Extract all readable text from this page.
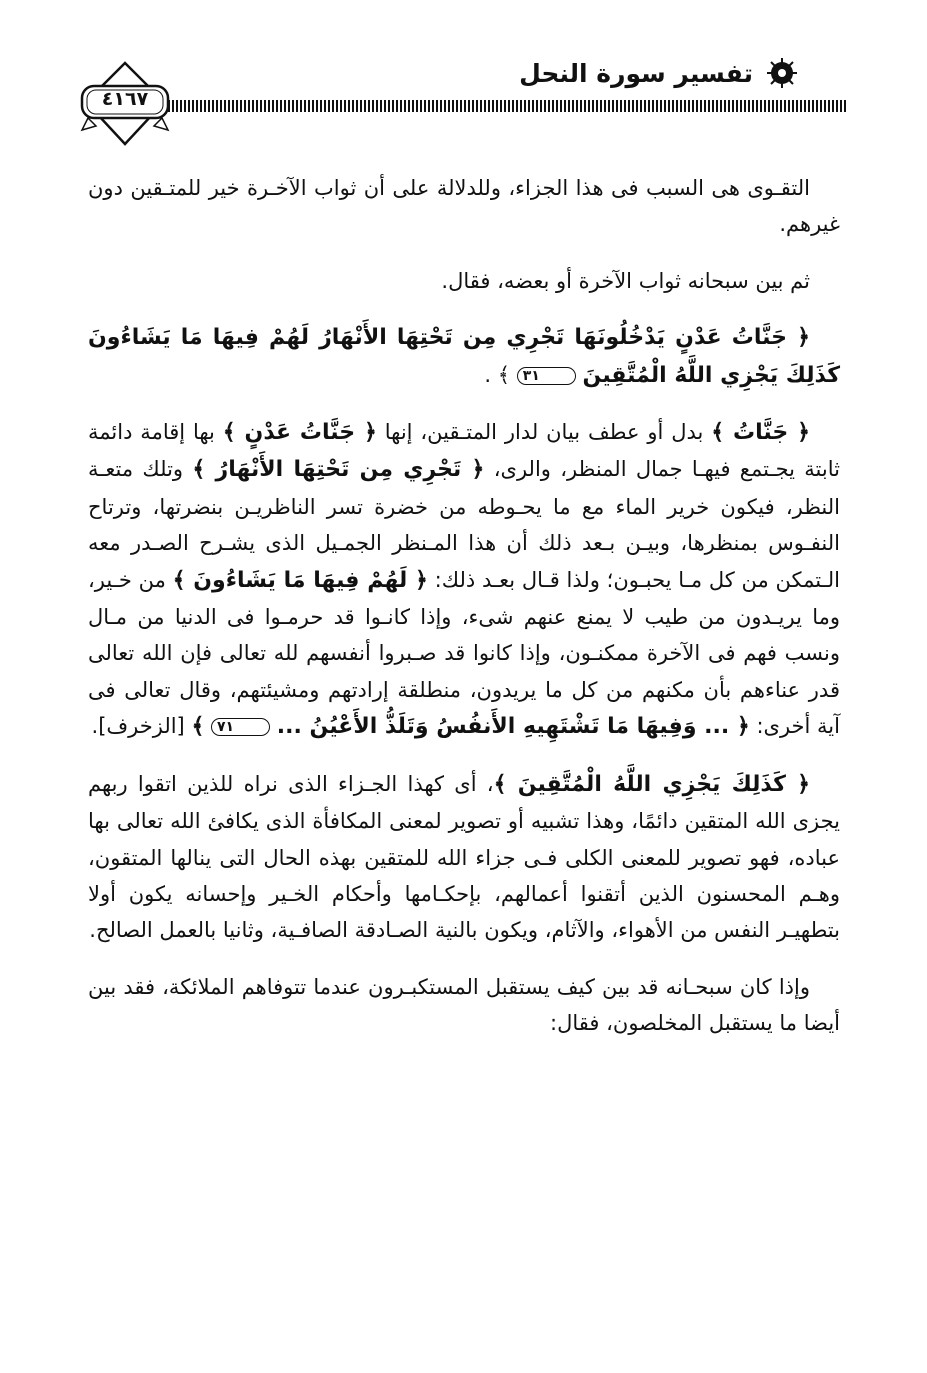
تفسير سورة النحل
٤١٦٧

التقـوى هى السبب فى هذا الجزاء، وللدلالة على أن ثواب الآخـرة خير للمتـقين دون غيرهم.

ثم بين سبحانه ثواب الآخرة أو بعضه، فقال.

﴿ جَنَّاتُ عَدْنٍ يَدْخُلُونَهَا تَجْرِي مِن تَحْتِهَا الأَنْهَارُ لَهُمْ فِيهَا مَا يَشَاءُونَ كَذَلِكَ يَجْزِي اللَّهُ الْمُتَّقِينَ ٣١ ﴾ .

﴿ جَنَّاتُ ﴾ بدل أو عطف بيان لدار المتـقين، إنها ﴿ جَنَّاتُ عَدْنٍ ﴾ بها إقامة دائمة ثابتة يجـتمع فيهـا جمال المنظر، والرى، ﴿ تَجْرِي مِن تَحْتِهَا الأَنْهَارُ ﴾ وتلك متعـة النظر، فيكون خرير الماء مع ما يحـوطه من خضرة تسر الناظريـن بنضرتها، وترتاح النفـوس بمنظرها، وبيـن بـعد ذلك أن هذا المـنظر الجمـيل الذى يشـرح الصـدر معه الـتمكن من كل مـا يحبـون؛ ولذا قـال بعـد ذلك: ﴿ لَهُمْ فِيهَا مَا يَشَاءُونَ ﴾ من خـير، وما يريـدون من طيب لا يمنع عنهم شىء، وإذا كانـوا قد حرمـوا فى الدنيا من مـال ونسب فهم فى الآخرة ممكنـون، وإذا كانوا قد صـبروا أنفسهم لله تعالى فإن الله تعالى قدر عناءهم بأن مكنهم من كل ما يريدون، منطلقة إرادتهم ومشيئتهم، وقال تعالى فى آية أخرى: ﴿ ... وَفِيهَا مَا تَشْتَهِيهِ الأَنفُسُ وَتَلَذُّ الأَعْيُنُ ... ٧١ ﴾ [الزخرف].

﴿ كَذَلِكَ يَجْزِي اللَّهُ الْمُتَّقِينَ ﴾، أى كهذا الجـزاء الذى نراه للذين اتقوا ربهم يجزى الله المتقين دائمًا، وهذا تشبيه أو تصوير لمعنى المكافأة الذى يكافئ الله تعالى بها عباده، فهو تصوير للمعنى الكلى فـى جزاء الله للمتقين بهذه الحال التى ينالها المتقون، وهـم المحسنون الذين أتقنوا أعمالهم، بإحكـامها وأحكام الخـير وإحسانه يكون أولا بتطهيـر النفس من الأهواء، والآثام، ويكون بالنية الصـادقة الصافـية، وثانيا بالعمل الصالح.

وإذا كان سبحـانه قد بين كيف يستقبل المستكبـرون عندما تتوفاهم الملائكة، فقد بين أيضا ما يستقبل المخلصون، فقال:
